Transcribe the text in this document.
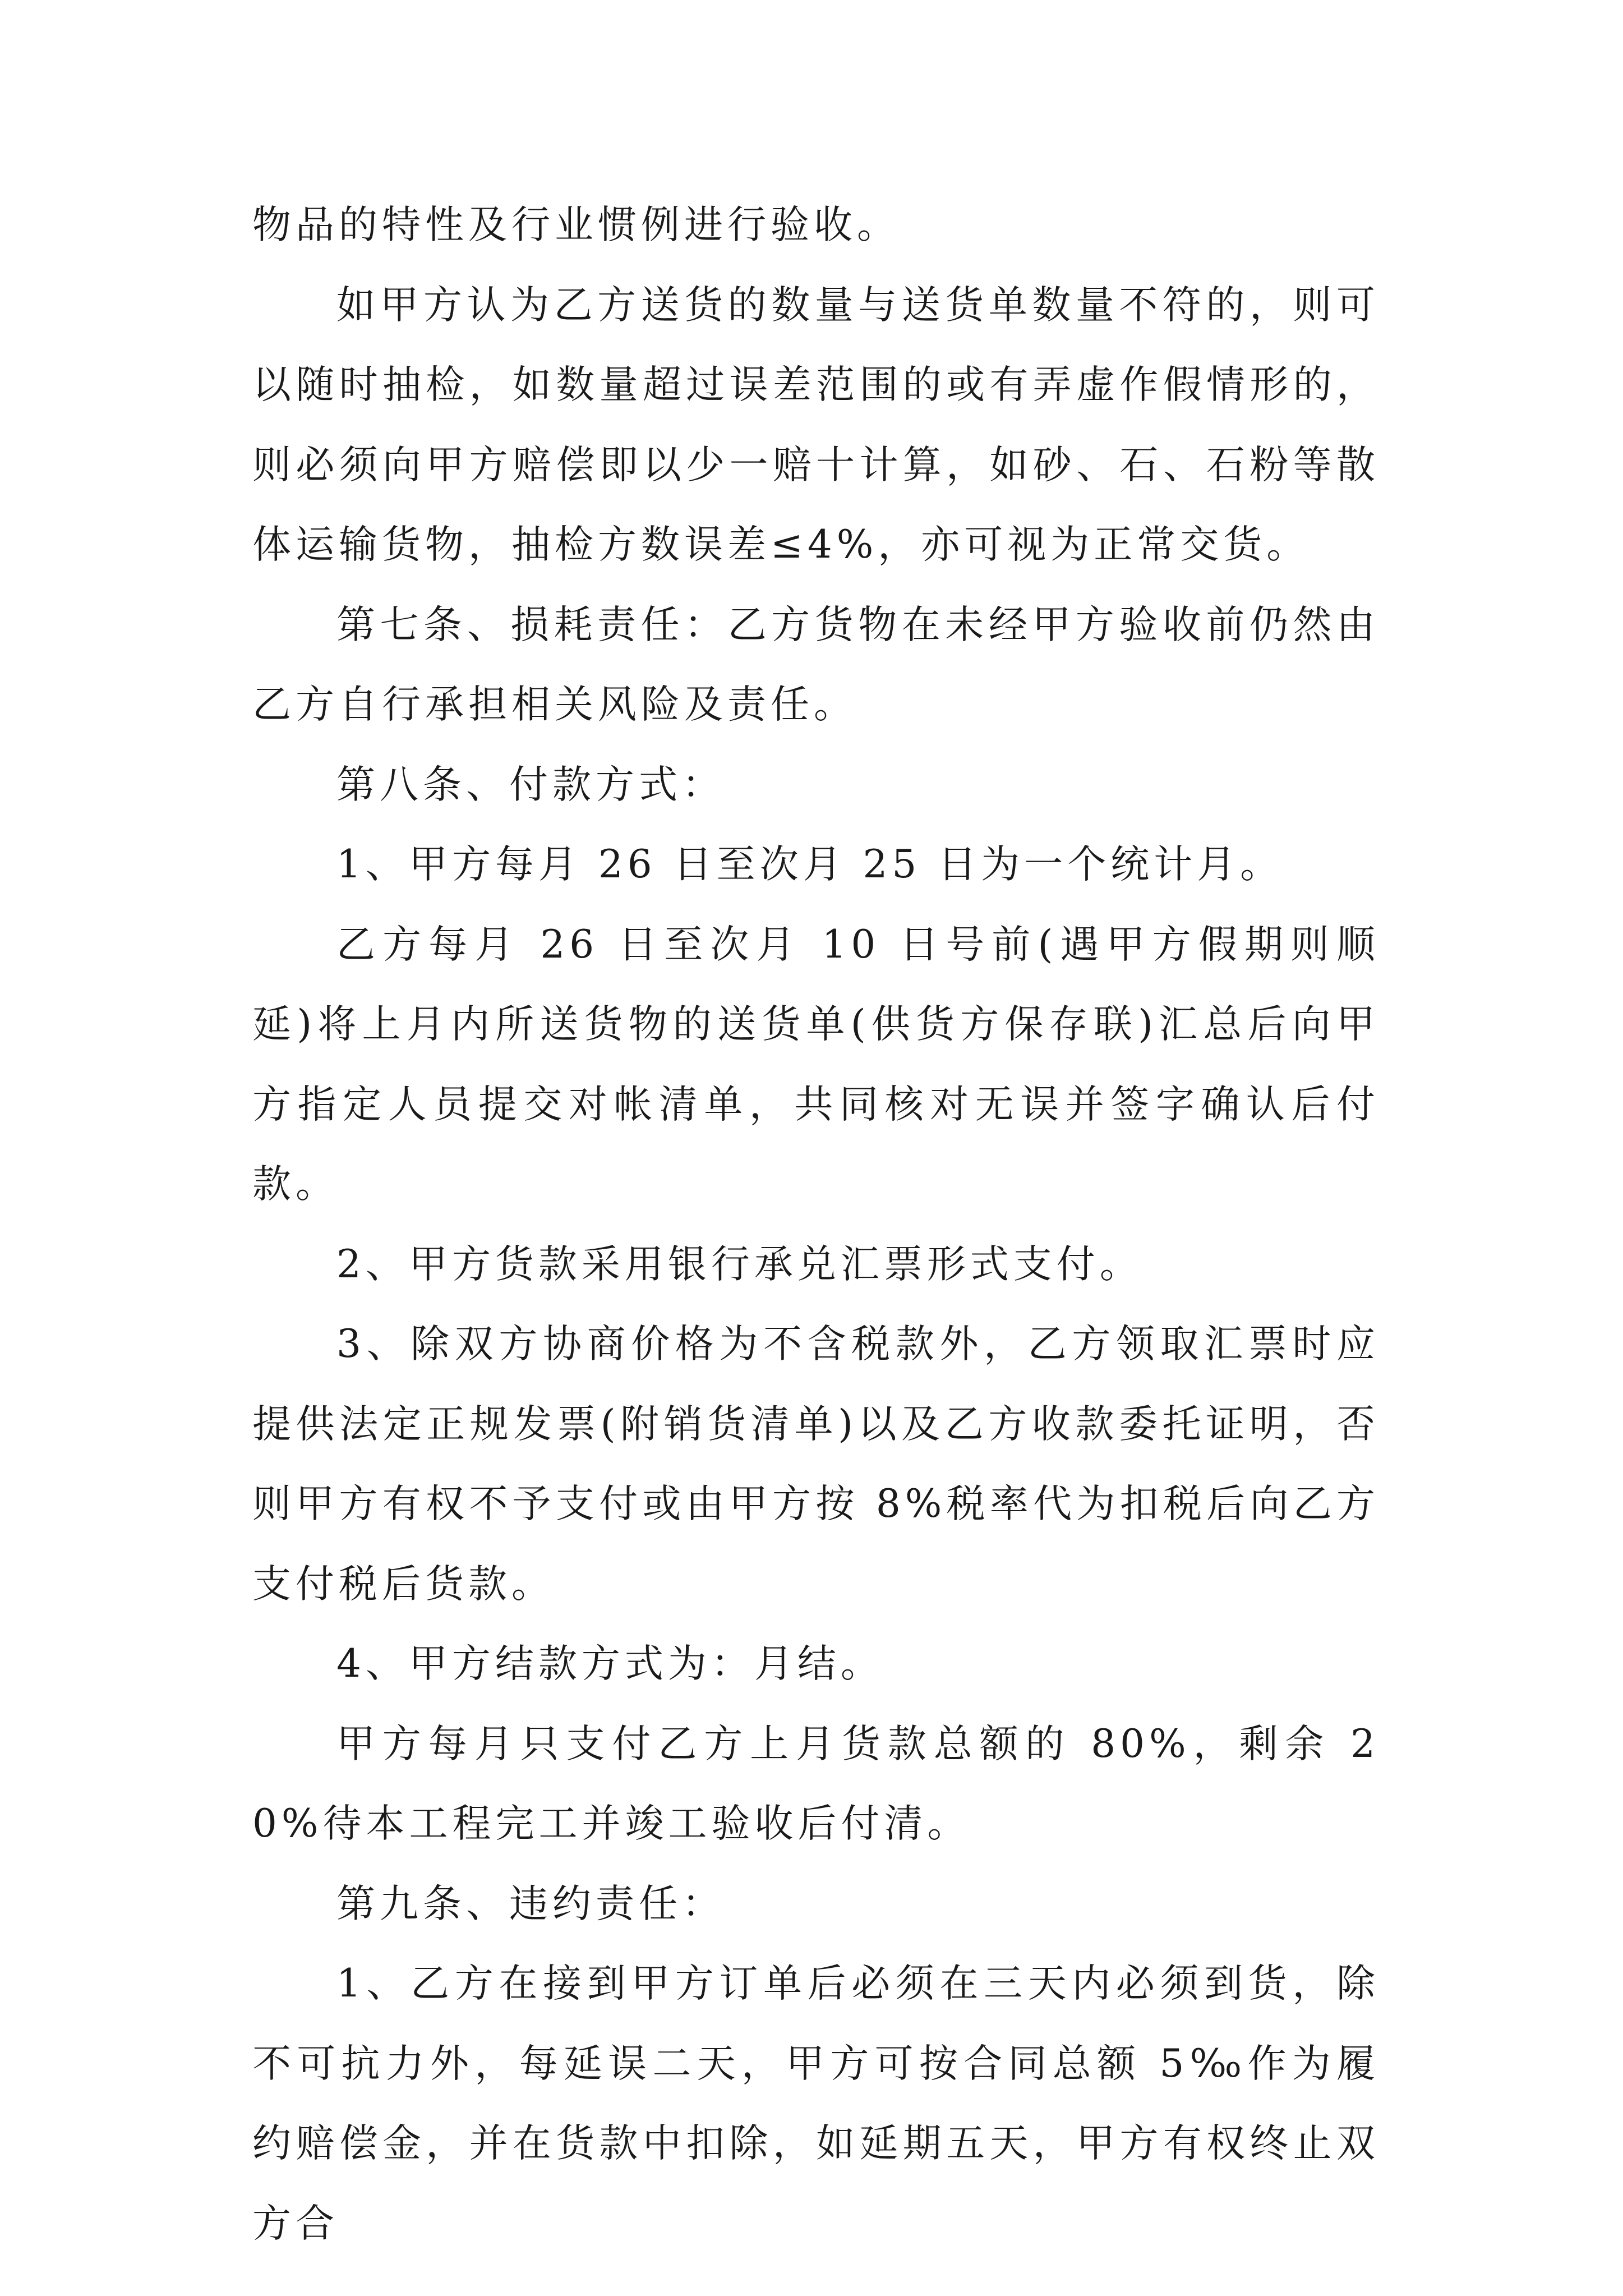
物品的特性及行业惯例进行验收。

如甲方认为乙方送货的数量与送货单数量不符的，则可以随时抽检，如数量超过误差范围的或有弄虚作假情形的，则必须向甲方赔偿即以少一赔十计算，如砂、石、石粉等散体运输货物，抽检方数误差≤4%，亦可视为正常交货。

第七条、损耗责任：乙方货物在未经甲方验收前仍然由乙方自行承担相关风险及责任。

第八条、付款方式：

1、甲方每月 26 日至次月 25 日为一个统计月。

乙方每月 26 日至次月 10 日号前(遇甲方假期则顺延)将上月内所送货物的送货单(供货方保存联)汇总后向甲方指定人员提交对帐清单，共同核对无误并签字确认后付款。

2、甲方货款采用银行承兑汇票形式支付。

3、除双方协商价格为不含税款外，乙方领取汇票时应提供法定正规发票(附销货清单)以及乙方收款委托证明，否则甲方有权不予支付或由甲方按 8%税率代为扣税后向乙方支付税后货款。

4、甲方结款方式为：月结。

甲方每月只支付乙方上月货款总额的 80%，剩余 20%待本工程完工并竣工验收后付清。

第九条、违约责任：

1、乙方在接到甲方订单后必须在三天内必须到货，除不可抗力外，每延误二天，甲方可按合同总额 5‰作为履约赔偿金，并在货款中扣除，如延期五天，甲方有权终止双方合
